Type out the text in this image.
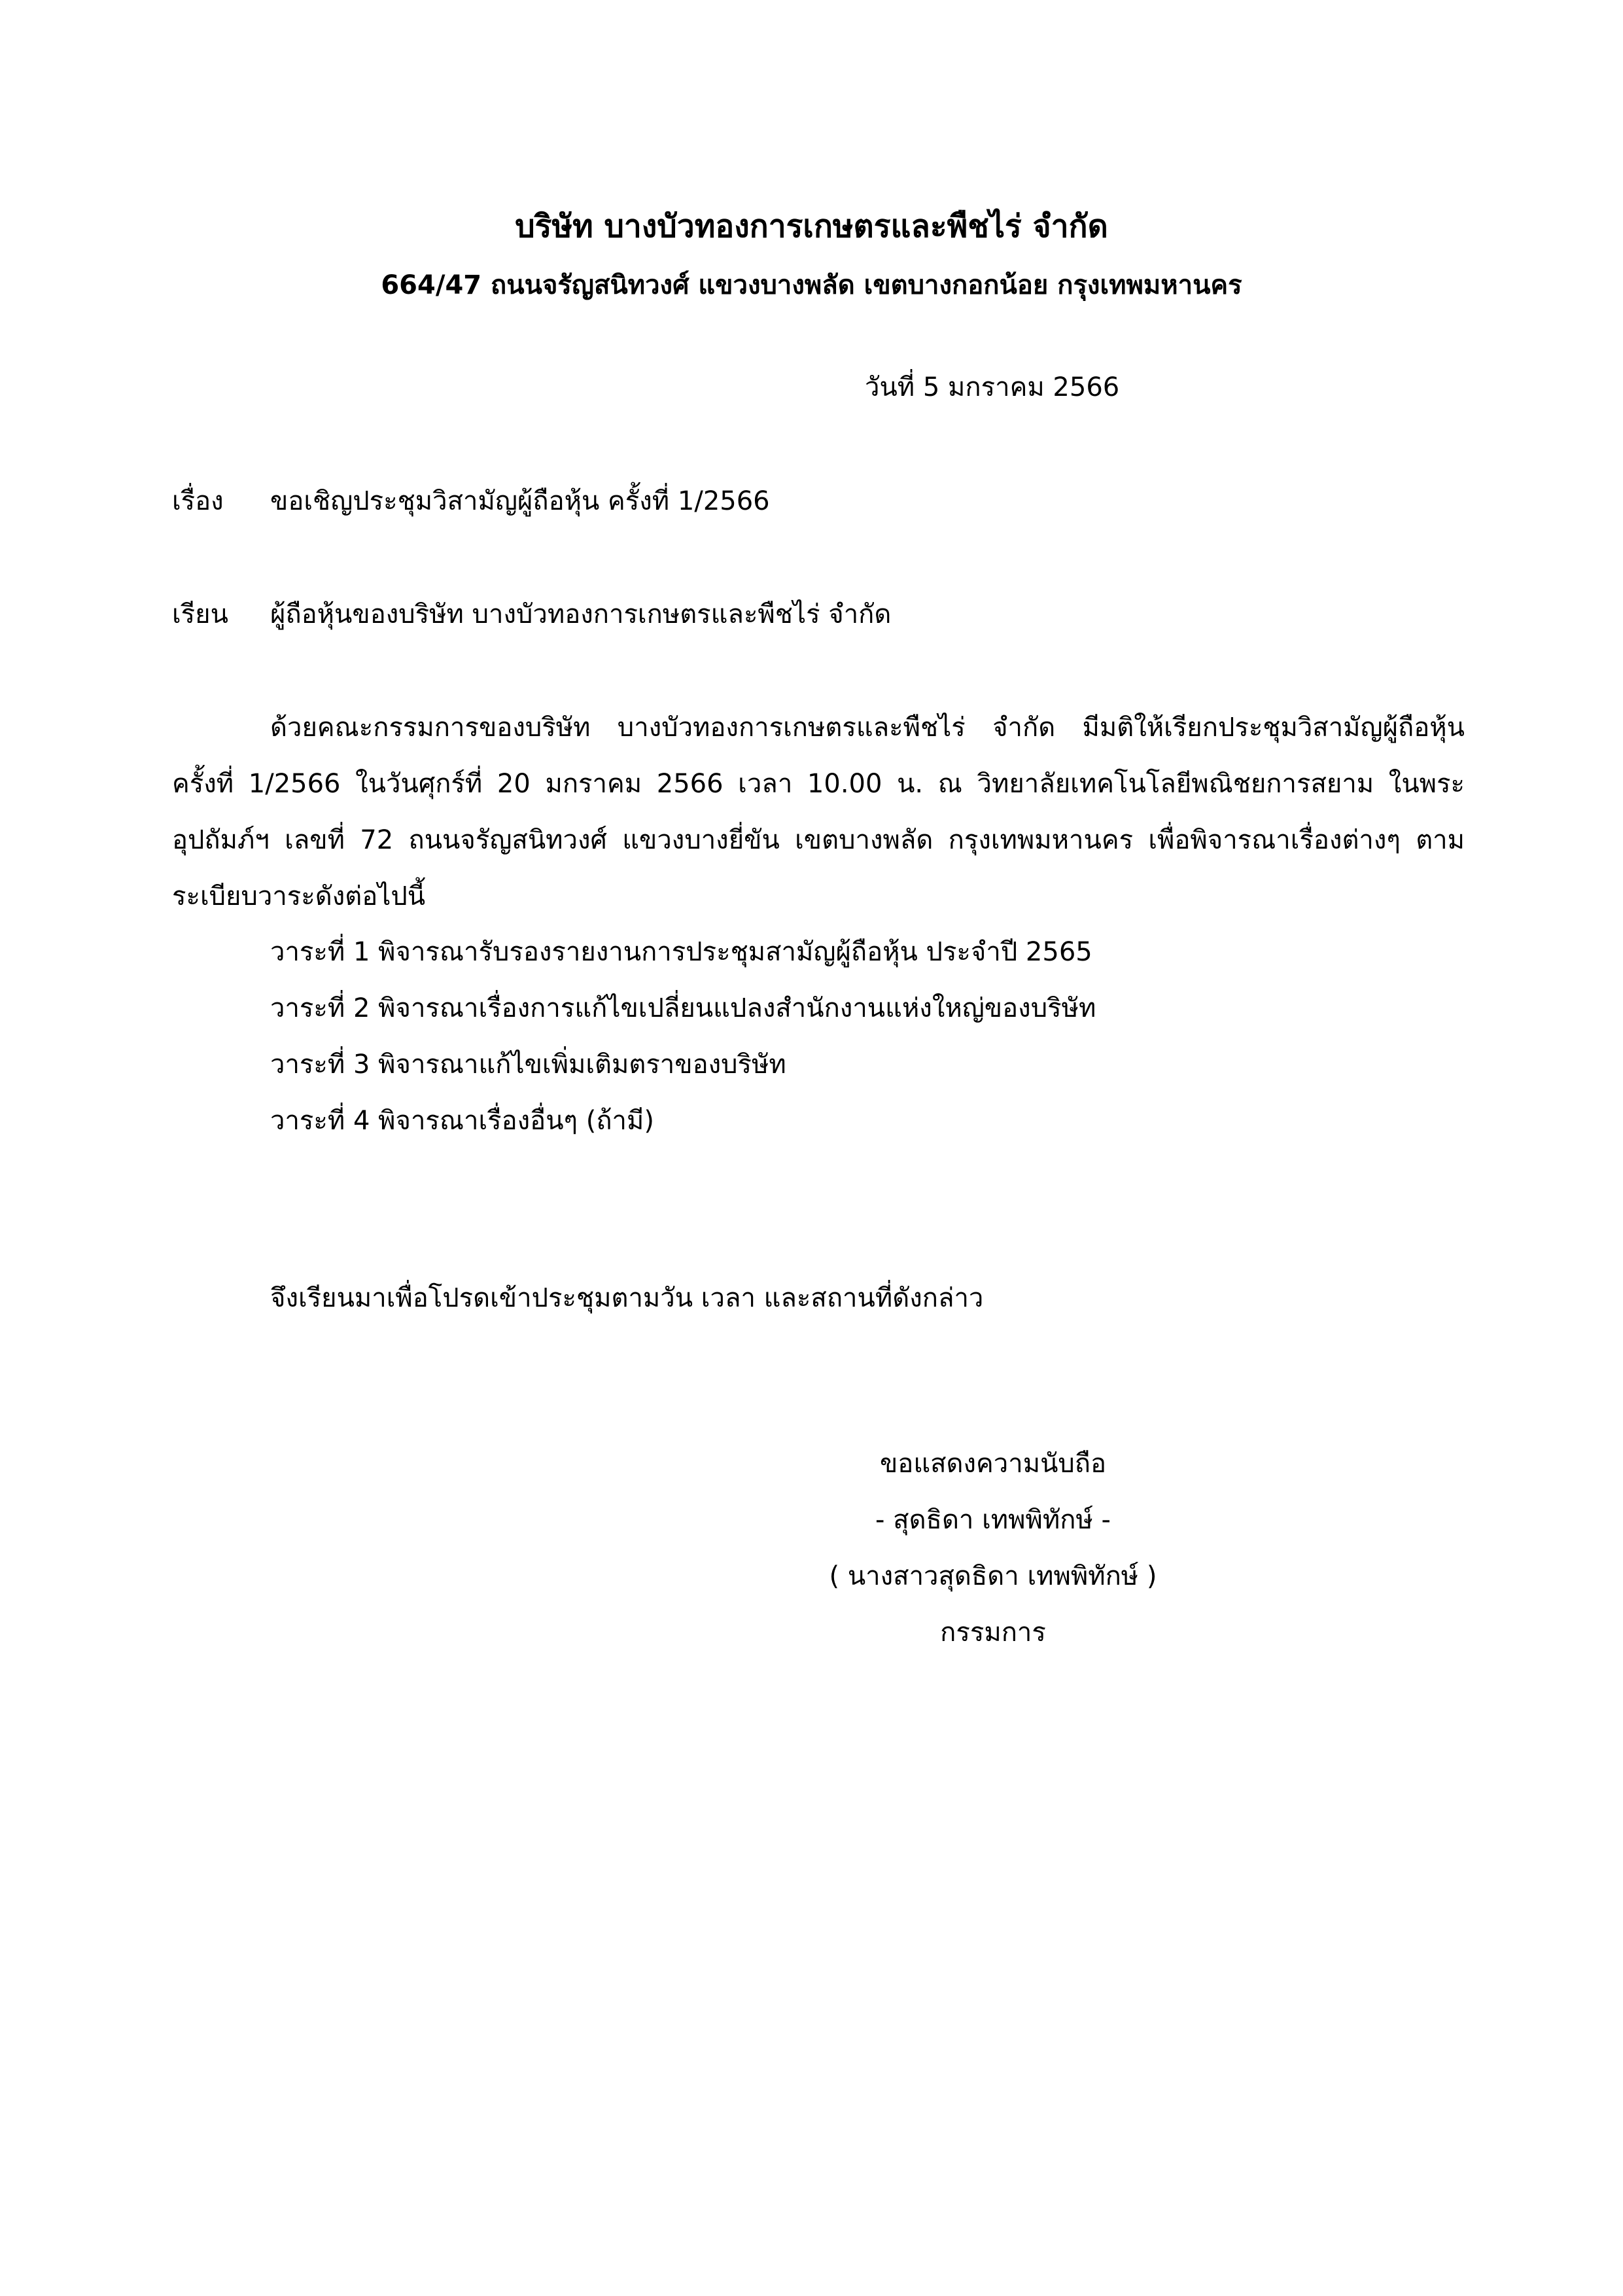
บริษัท บางบัวทองการเกษตรและพืชไร่ จำกัด
664/47 ถนนจรัญสนิทวงศ์ แขวงบางพลัด เขตบางกอกน้อย กรุงเทพมหานคร
วันที่ 5 มกราคม 2566
เรื่อง ขอเชิญประชุมวิสามัญผู้ถือหุ้น ครั้งที่ 1/2566
เรียน ผู้ถือหุ้นของบริษัท บางบัวทองการเกษตรและพืชไร่ จำกัด
ด้วยคณะกรรมการของบริษัท บางบัวทองการเกษตรและพืชไร่ จำกัด มีมติให้เรียกประชุมวิสามัญผู้ถือหุ้น
ครั้งที่ 1/2566 ในวันศุกร์ที่ 20 มกราคม 2566 เวลา 10.00 น. ณ วิทยาลัยเทคโนโลยีพณิชยการสยาม ในพระ
อุปถัมภ์ฯ เลขที่ 72 ถนนจรัญสนิทวงศ์ แขวงบางยี่ขัน เขตบางพลัด กรุงเทพมหานคร เพื่อพิจารณาเรื่องต่างๆ ตาม
ระเบียบวาระดังต่อไปนี้
วาระที่ 1 พิจารณารับรองรายงานการประชุมสามัญผู้ถือหุ้น ประจำปี 2565
วาระที่ 2 พิจารณาเรื่องการแก้ไขเปลี่ยนแปลงสำนักงานแห่งใหญ่ของบริษัท
วาระที่ 3 พิจารณาแก้ไขเพิ่มเติมตราของบริษัท
วาระที่ 4 พิจารณาเรื่องอื่นๆ (ถ้ามี)
จึงเรียนมาเพื่อโปรดเข้าประชุมตามวัน เวลา และสถานที่ดังกล่าว
ขอแสดงความนับถือ
- สุดธิดา เทพพิทักษ์ -
( นางสาวสุดธิดา เทพพิทักษ์ )
กรรมการ
